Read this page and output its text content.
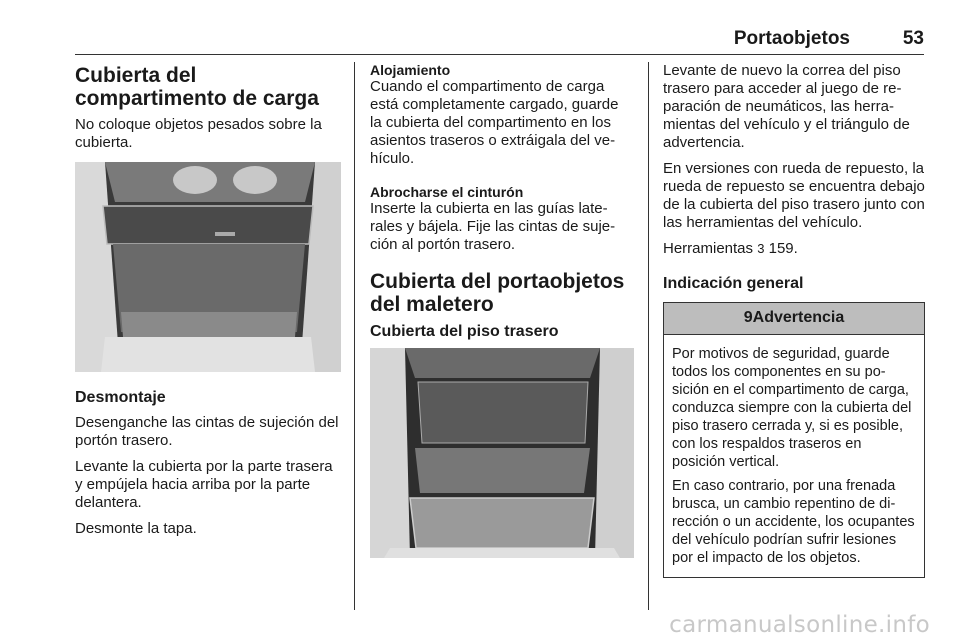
Portaobjetos	53
Cubierta del compartimento de carga

No coloque objetos pesados sobre la cubierta.

Desmontaje

Desenganche las cintas de sujeción del portón trasero.

Levante la cubierta por la parte trasera y empújela hacia arriba por la parte delantera.

Desmonte la tapa.

Alojamiento

Cuando el compartimento de carga está completamente cargado, guarde la cubierta del compartimento en los asientos traseros o extráigala del vehículo.

Abrocharse el cinturón

Inserte la cubierta en las guías laterales y bájela. Fije las cintas de sujeción al portón trasero.

Cubierta del portaobjetos del maletero
Cubierta del piso trasero

Levante de nuevo la correa del piso trasero para acceder al juego de reparación de neumáticos, las herramientas del vehículo y el triángulo de advertencia.

En versiones con rueda de repuesto, la rueda de repuesto se encuentra debajo de la cubierta del piso trasero junto con las herramientas del vehículo.

Herramientas 3 159.

Indicación general
9Advertencia

Por motivos de seguridad, guarde todos los componentes en su posición en el compartimento de carga, conduzca siempre con la cubierta del piso trasero cerrada y, si es posible, con los respaldos traseros en posición vertical.

En caso contrario, por una frenada brusca, un cambio repentino de dirección o un accidente, los ocupantes del vehículo podrían sufrir lesiones por el impacto de los objetos.

carmanualsonline.info
